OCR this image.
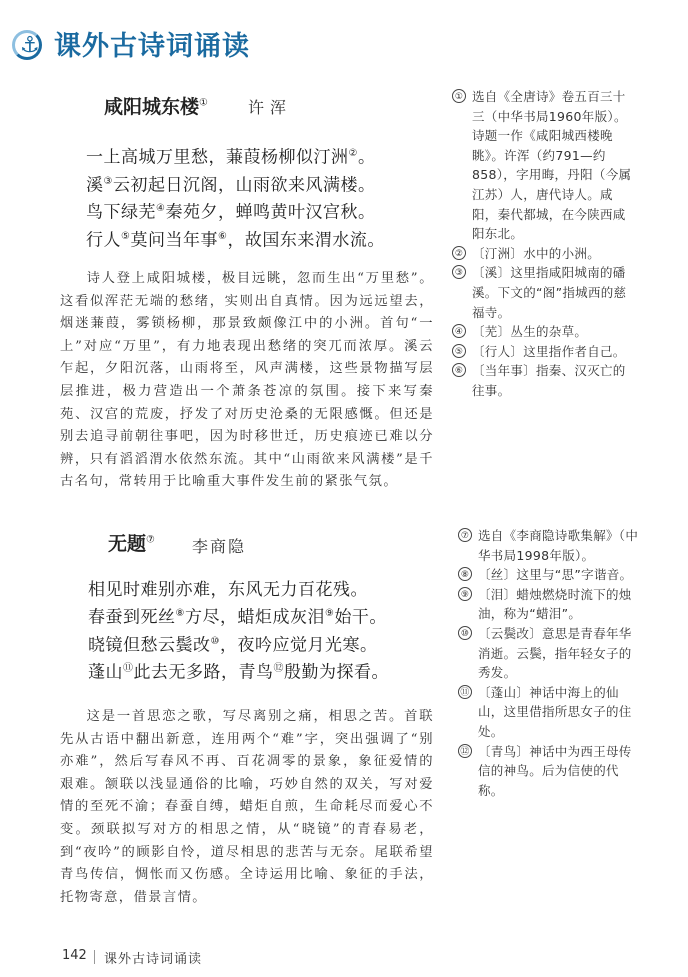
⚓ 课外古诗词诵读
咸阳城东楼①	许浑
一上高城万里愁，蒹葭杨柳似汀洲②。
溪③云初起日沉阁，山雨欲来风满楼。
鸟下绿芜④秦苑夕，蝉鸣黄叶汉宫秋。
行人⑤莫问当年事⑥，故国东来渭水流。
诗人登上咸阳城楼，极目远眺，忽而生出“万里愁”。这看似浑茫无端的愁绪，实则出自真情。因为远远望去，烟迷蒹葭，雾锁杨柳，那景致颇像江中的小洲。首句“一上”对应“万里”，有力地表现出愁绪的突兀而浓厚。溪云乍起，夕阳沉落，山雨将至，风声满楼，这些景物描写层层推进，极力营造出一个萧条苍凉的氛围。接下来写秦苑、汉宫的荒废，抒发了对历史沧桑的无限感慨。但还是别去追寻前朝往事吧，因为时移世迁，历史痕迹已难以分辨，只有滔滔渭水依然东流。其中“山雨欲来风满楼”是千古名句，常转用于比喻重大事件发生前的紧张气氛。
① 选自《全唐诗》卷五百三十三（中华书局1960年版）。诗题一作《咸阳城西楼晚眺》。许浑（约791—约858），字用晦，丹阳（今属江苏）人，唐代诗人。咸阳，秦代都城，在今陕西咸阳东北。
② 〔汀洲〕水中的小洲。
③ 〔溪〕这里指咸阳城南的磻溪。下文的“阁”指城西的慈福寺。
④ 〔芜〕丛生的杂草。
⑤ 〔行人〕这里指作者自己。
⑥ 〔当年事〕指秦、汉灭亡的往事。
无题⑦ 李商隐
相见时难别亦难，东风无力百花残。
春蚕到死丝⑧方尽，蜡炬成灰泪⑨始干。
晓镜但愁云鬓改⑩，夜吟应觉月光寒。
蓬山⑪此去无多路，青鸟⑫殷勤为探看。
这是一首思恋之歌，写尽离别之痛，相思之苦。首联先从古语中翻出新意，连用两个“难”字，突出强调了“别亦难”，然后写春风不再、百花凋零的景象，象征爱情的艰难。颔联以浅显通俗的比喻，巧妙自然的双关，写对爱情的至死不渝；春蚕自缚，蜡炬自煎，生命耗尽而爱心不变。颈联拟写对方的相思之情，从“晓镜”的青春易老，到“夜吟”的顾影自怜，道尽相思的悲苦与无奈。尾联希望青鸟传信，惆怅而又伤感。全诗运用比喻、象征的手法，托物寄意，借景言情。
⑦ 选自《李商隐诗歌集解》（中华书局1998年版）。
⑧ 〔丝〕这里与“思”字谐音。
⑨ 〔泪〕蜡烛燃烧时流下的烛油，称为“蜡泪”。
⑩ 〔云鬓改〕意思是青春年华消逝。云鬓，指年轻女子的秀发。
⑪ 〔蓬山〕神话中海上的仙山，这里借指所思女子的住处。
⑫ 〔青鸟〕神话中为西王母传信的神鸟。后为信使的代称。
142 课外古诗词诵读
